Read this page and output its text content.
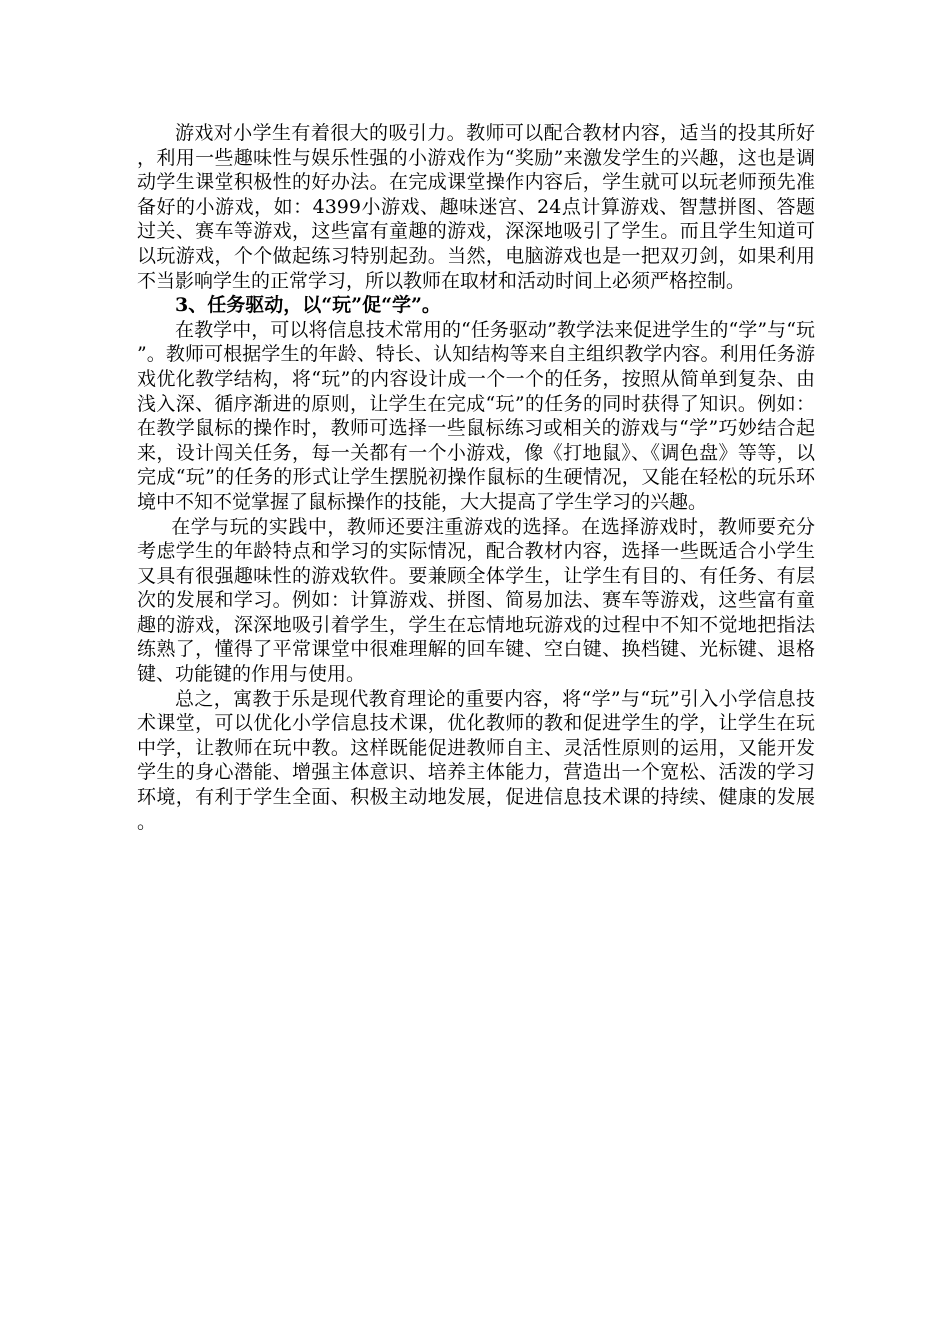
游戏对小学生有着很大的吸引力。教师可以配合教材内容，适当的投其所好，利用一些趣味性与娱乐性强的小游戏作为“奖励”来激发学生的兴趣，这也是调动学生课堂积极性的好办法。在完成课堂操作内容后，学生就可以玩老师预先准备好的小游戏，如：4399小游戏、趣味迷宫、24点计算游戏、智慧拼图、答题过关、赛车等游戏，这些富有童趣的游戏，深深地吸引了学生。而且学生知道可以玩游戏，个个做起练习特别起劲。当然，电脑游戏也是一把双刃剑，如果利用不当影响学生的正常学习，所以教师在取材和活动时间上必须严格控制。

3、任务驱动，以“玩”促“学”。

在教学中，可以将信息技术常用的“任务驱动”教学法来促进学生的“学”与“玩”。教师可根据学生的年龄、特长、认知结构等来自主组织教学内容。利用任务游戏优化教学结构，将“玩”的内容设计成一个一个的任务，按照从简单到复杂、由浅入深、循序渐进的原则，让学生在完成“玩”的任务的同时获得了知识。例如：在教学鼠标的操作时，教师可选择一些鼠标练习或相关的游戏与“学”巧妙结合起来，设计闯关任务，每一关都有一个小游戏，像《打地鼠》、《调色盘》等等，以完成“玩”的任务的形式让学生摆脱初操作鼠标的生硬情况，又能在轻松的玩乐环境中不知不觉掌握了鼠标操作的技能，大大提高了学生学习的兴趣。

在学与玩的实践中，教师还要注重游戏的选择。在选择游戏时，教师要充分考虑学生的年龄特点和学习的实际情况，配合教材内容，选择一些既适合小学生又具有很强趣味性的游戏软件。要兼顾全体学生，让学生有目的、有任务、有层次的发展和学习。例如：计算游戏、拼图、简易加法、赛车等游戏，这些富有童趣的游戏，深深地吸引着学生，学生在忘情地玩游戏的过程中不知不觉地把指法练熟了，懂得了平常课堂中很难理解的回车键、空白键、换档键、光标键、退格键、功能键的作用与使用。

总之，寓教于乐是现代教育理论的重要内容，将“学”与“玩”引入小学信息技术课堂，可以优化小学信息技术课，优化教师的教和促进学生的学，让学生在玩中学，让教师在玩中教。这样既能促进教师自主、灵活性原则的运用，又能开发学生的身心潜能、增强主体意识、培养主体能力，营造出一个宽松、活泼的学习环境，有利于学生全面、积极主动地发展，促进信息技术课的持续、健康的发展。
